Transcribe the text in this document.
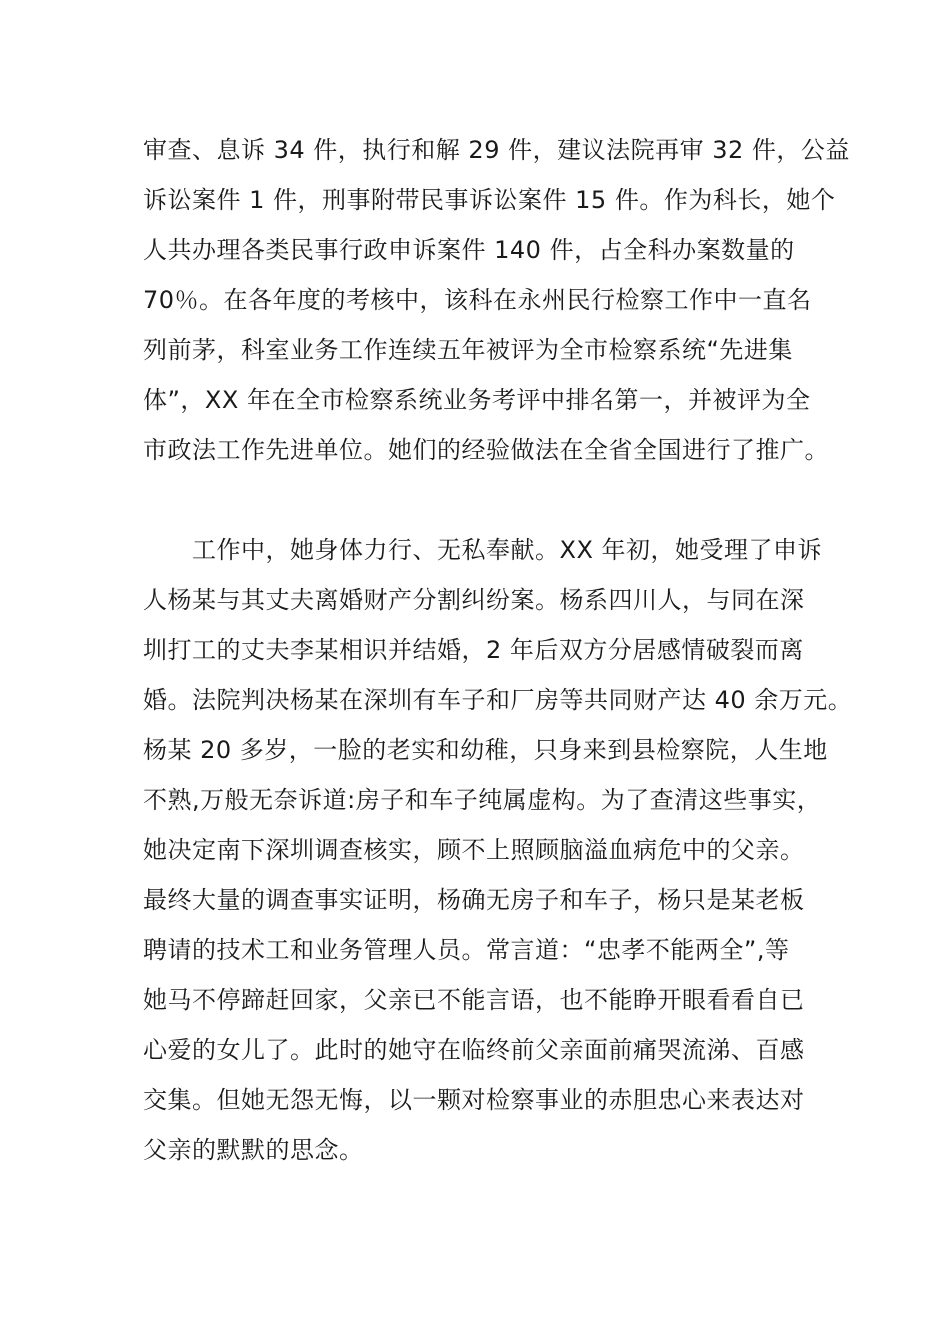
审查、息诉 34 件，执行和解 29 件，建议法院再审 32 件，公益
诉讼案件 1 件，刑事附带民事诉讼案件 15 件。作为科长，她个
人共办理各类民事行政申诉案件 140 件，占全科办案数量的
70％。在各年度的考核中，该科在永州民行检察工作中一直名
列前茅，科室业务工作连续五年被评为全市检察系统“先进集
体”，XX 年在全市检察系统业务考评中排名第一，并被评为全
市政法工作先进单位。她们的经验做法在全省全国进行了推广。

　　工作中，她身体力行、无私奉献。XX 年初，她受理了申诉
人杨某与其丈夫离婚财产分割纠纷案。杨系四川人，与同在深
圳打工的丈夫李某相识并结婚，2 年后双方分居感情破裂而离
婚。法院判决杨某在深圳有车子和厂房等共同财产达 40 余万元。
杨某 20 多岁，一脸的老实和幼稚，只身来到县检察院，人生地
不熟,万般无奈诉道:房子和车子纯属虚构。为了查清这些事实，
她决定南下深圳调查核实，顾不上照顾脑溢血病危中的父亲。
最终大量的调查事实证明，杨确无房子和车子，杨只是某老板
聘请的技术工和业务管理人员。常言道：“忠孝不能两全”,等
她马不停蹄赶回家，父亲已不能言语，也不能睁开眼看看自已
心爱的女儿了。此时的她守在临终前父亲面前痛哭流涕、百感
交集。但她无怨无悔，以一颗对检察事业的赤胆忠心来表达对
父亲的默默的思念。
